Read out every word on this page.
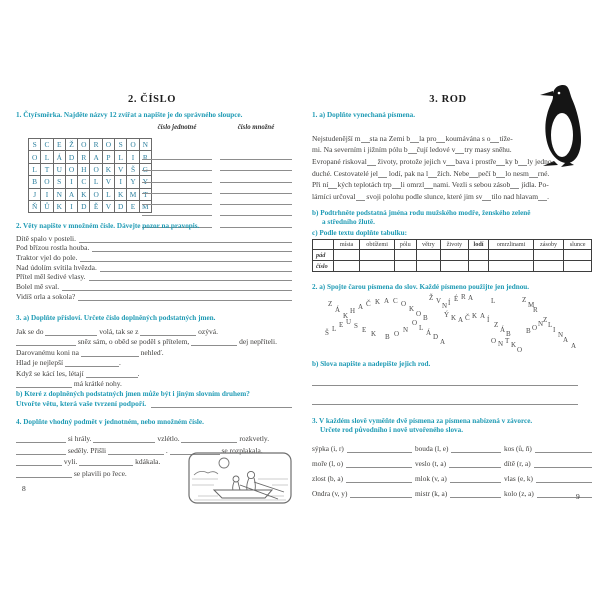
2. ČÍSLO
1. Čtyřsměrka. Najděte názvy 12 zvířat a napište je do správného sloupce.
číslo jednotné	číslo množné
S	C	E	Ž	O	R	O	S	O	N
O	L	Á	D	R	A	P	L	I	R
L	T	U	O	H	O	K	V	Š	G
B	O	S	I	C	L	V	I	Y	Y
J	I	N	A	K	O	L	K	M	T
Ň	Ů	K	I	D	Ě	V	D	E	M
2. Věty napište v množném čísle. Dávejte pozor na pravopis.
Dítě spalo v posteli.
Pod břízou rostla houba.
Traktor vjel do pole.
Nad údolím svítila hvězda.
Přítel měl šedivé vlasy.
Bolel mě sval.
Vidíš orla a sokola?
3. a) Doplňte přísloví. Určete číslo doplněných podstatných jmen.
Jak se do	volá, tak se z	ozývá.
sněz sám, o oběd se poděl s přítelem,	dej nepříteli.
Darovanému koni na	nehleď.
Hlad je nejlepší	.
Když se kácí les, létají	.
má krátké nohy.
b) Které z doplněných podstatných jmen může být i jiným slovním druhem?
Utvořte větu, která vaše tvrzení podpoří.
4. Doplňte vhodný podmět v jednotném, nebo množném čísle.
si hrály.	vzlétlo.	rozkvetly.
seděly. Přišli	.	se rozplakala.
vyli.	kdákala.
se plavili po řece.
8
3. ROD
1. a) Doplňte vynechaná písmena.
Nejstudenější m sta na Zemi b la pro koumávána s o tíže-
mi. Na severním i jižním pólu b čují ledové v try masy sněhu.
Evropané riskoval životy, protože jejich v bava i prostře ky b ly jedno-
duché. Cestovatelé jel lodí, pak na l žích. Nebe pečí b lo nesm rné.
Při ní kých teplotách trp li omrzl nami. Vezli s sebou zásob jídla. Po-
lárníci určoval svoji polohu podle slunce, které jim sv tilo nad hlavam .
b) Podtrhněte podstatná jména rodu mužského modře, ženského zeleně
a středního žlutě.
c) Podle textu doplňte tabulku:
	místa	obtížemi	pólu	větry	životy	lodí	omrzlinami	zásoby	slunce
pád									
číslo									
2. a) Spojte čarou písmena do slov. Každé písmeno použijte jen jednou.
Z
Á
K
H A Č K A C O
K
O B
Š L E U S E K B O N
O
L
Á D
A
Ž V
N Í É R A	L
Ý K A Č K A Í
Z
Á B
O N T K
O
Z
M
R
B O N Z
L
I
N
A
A
b) Slova napište a nadepište jejich rod.
3. V každém slově vyměňte dvě písmena za písmena nabízená v závorce.
Určete rod původního i nově utvořeného slova.
sýpka (i, r)	bouda (l, e)	kos (ů, ň)
moře (l, o)	veslo (t, a)	dítě (r, a)
zlost (b, a)	mlok (v, a)	vlas (e, k)
Ondra (v, y)	mistr (k, a)	kolo (z, a)	9
